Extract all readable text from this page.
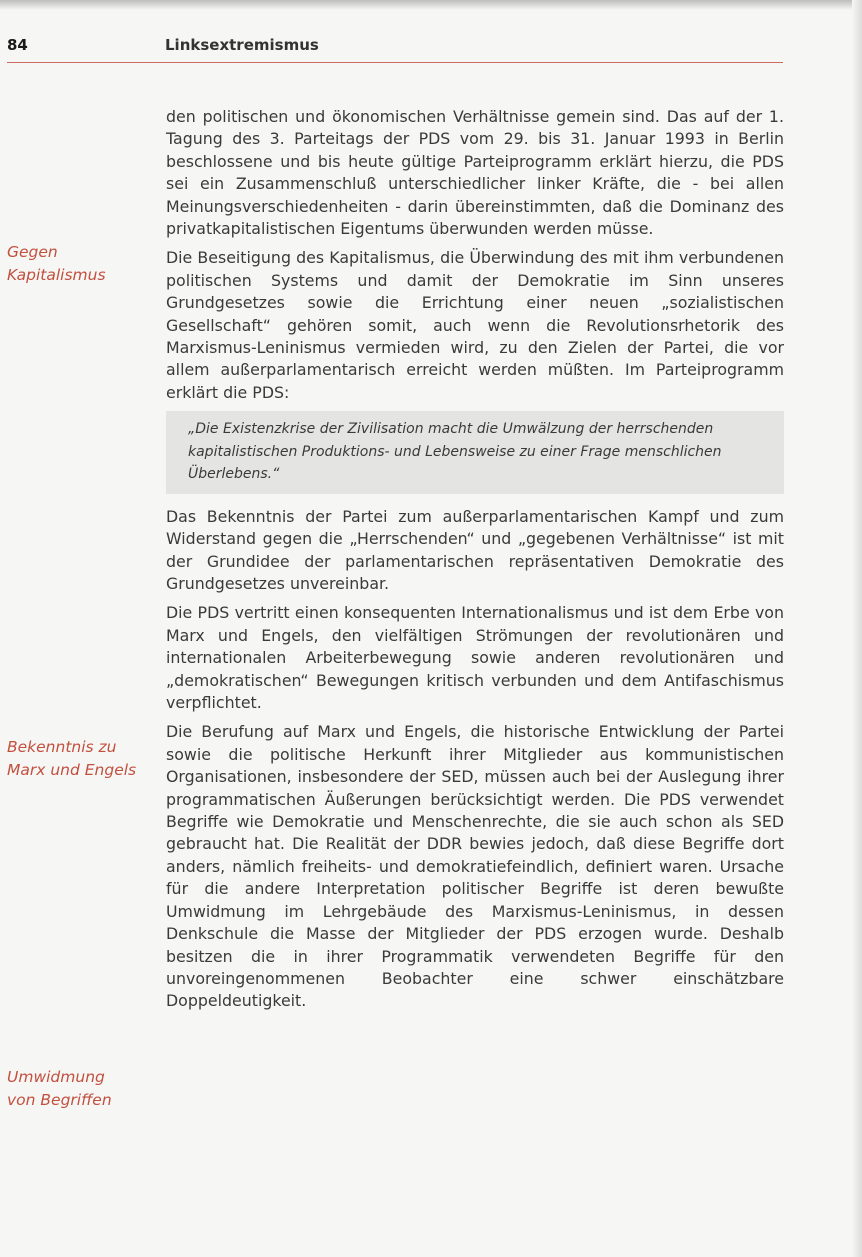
84	Linksextremismus
Gegen
Kapitalismus
Bekenntnis zu
Marx und Engels
Umwidmung
von Begriffen

den politischen und ökonomischen Verhältnisse gemein sind. Das auf der 1. Tagung des 3. Parteitags der PDS vom 29. bis 31. Januar 1993 in Berlin beschlossene und bis heute gültige Parteiprogramm erklärt hierzu, die PDS sei ein Zusammenschluß unterschiedlicher linker Kräfte, die - bei allen Meinungsverschiedenheiten - darin übereinstimmten, daß die Dominanz des privatkapitalistischen Eigentums überwunden werden müsse.

Die Beseitigung des Kapitalismus, die Überwindung des mit ihm verbundenen politischen Systems und damit der Demokratie im Sinn unseres Grundgesetzes sowie die Errichtung einer neuen „sozialistischen Gesellschaft“ gehören somit, auch wenn die Revolutionsrhetorik des Marxismus-Leninismus vermieden wird, zu den Zielen der Partei, die vor allem außerparlamentarisch erreicht werden müßten. Im Parteiprogramm erklärt die PDS:

„Die Existenzkrise der Zivilisation macht die Umwälzung der herrschenden kapitalistischen Produktions- und Lebensweise zu einer Frage menschlichen Überlebens.“

Das Bekenntnis der Partei zum außerparlamentarischen Kampf und zum Widerstand gegen die „Herrschenden“ und „gegebenen Verhältnisse“ ist mit der Grundidee der parlamentarischen repräsentativen Demokratie des Grundgesetzes unvereinbar.

Die PDS vertritt einen konsequenten Internationalismus und ist dem Erbe von Marx und Engels, den vielfältigen Strömungen der revolutionären und internationalen Arbeiterbewegung sowie anderen revolutionären und „demokratischen“ Bewegungen kritisch verbunden und dem Antifaschismus verpflichtet.

Die Berufung auf Marx und Engels, die historische Entwicklung der Partei sowie die politische Herkunft ihrer Mitglieder aus kommunistischen Organisationen, insbesondere der SED, müssen auch bei der Auslegung ihrer programmatischen Äußerungen berücksichtigt werden. Die PDS verwendet Begriffe wie Demokratie und Menschenrechte, die sie auch schon als SED gebraucht hat. Die Realität der DDR bewies jedoch, daß diese Begriffe dort anders, nämlich freiheits- und demokratiefeindlich, definiert waren. Ursache für die andere Interpretation politischer Begriffe ist deren bewußte Umwidmung im Lehrgebäude des Marxismus-Leninismus, in dessen Denkschule die Masse der Mitglieder der PDS erzogen wurde. Deshalb besitzen die in ihrer Programmatik verwendeten Begriffe für den unvoreingenommenen Beobachter eine schwer einschätzbare Doppeldeutigkeit.
